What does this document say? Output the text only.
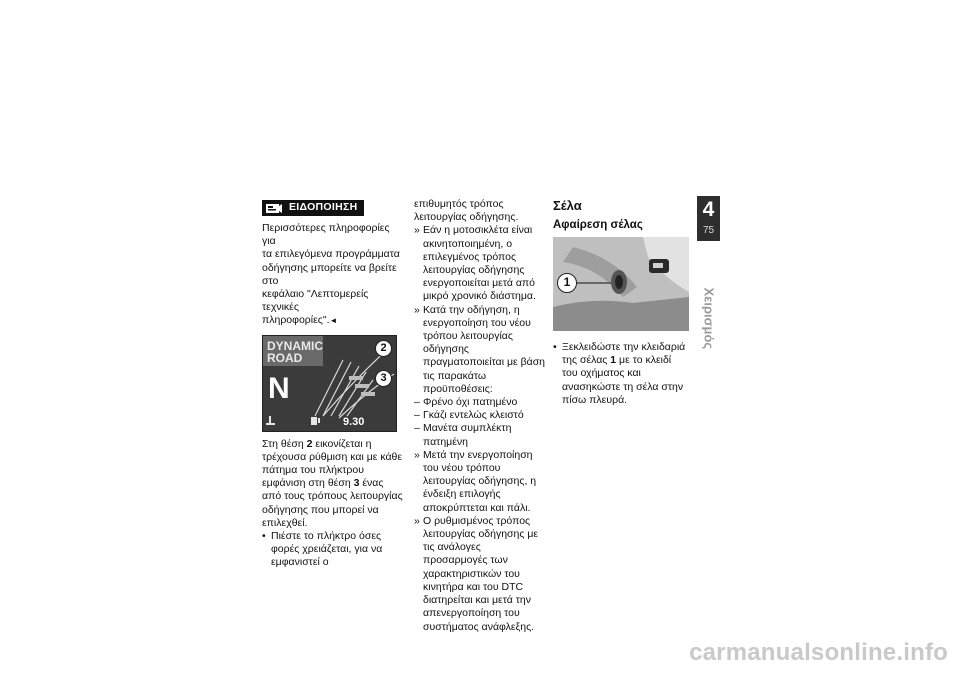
ΕΙΔΟΠΟΙΗΣΗ

Περισσότερες πληροφορίες για
τα επιλεγόμενα προγράμματα
οδήγησης μπορείτε να βρείτε στο
κεφάλαιο "Λεπτομερείς τεχνικές
πληροφορίες".◄

DYNAMIC
ROAD
N
9.30
2
3

Στη θέση 2 εικονίζεται η τρέχουσα ρύθμιση και με κάθε πάτημα του πλήκτρου εμφάνιση στη θέση 3 ένας από τους τρόπους λειτουργίας οδήγησης που μπορεί να επιλεχθεί.

• Πιέστε το πλήκτρο όσες φορές χρειάζεται, για να εμφανιστεί ο

επιθυμητός τρόπος λειτουργίας οδήγησης.

» Εάν η μοτοσικλέτα είναι ακινητοποιημένη, ο επιλεγμένος τρόπος λειτουργίας οδήγησης ενεργοποιείται μετά από μικρό χρονικό διάστημα.
» Κατά την οδήγηση, η ενεργοποίηση του νέου τρόπου λειτουργίας οδήγησης πραγματοποιείται με βάση τις παρακάτω προϋποθέσεις:
– Φρένο όχι πατημένο
– Γκάζι εντελώς κλειστό
– Μανέτα συμπλέκτη πατημένη
» Μετά την ενεργοποίηση του νέου τρόπου λειτουργίας οδήγησης, η ένδειξη επιλογής αποκρύπτεται και πάλι.
» Ο ρυθμισμένος τρόπος λειτουργίας οδήγησης με τις ανάλογες προσαρμογές των χαρακτηριστικών του κινητήρα και του DTC διατηρείται και μετά την απενεργοποίηση του συστήματος ανάφλεξης.
Σέλα
Αφαίρεση σέλας
1
• Ξεκλειδώστε την κλειδαριά της σέλας 1 με το κλειδί του οχήματος και ανασηκώστε τη σέλα στην πίσω πλευρά.
4
75
Χειρισμός
carmanualsonline.info
